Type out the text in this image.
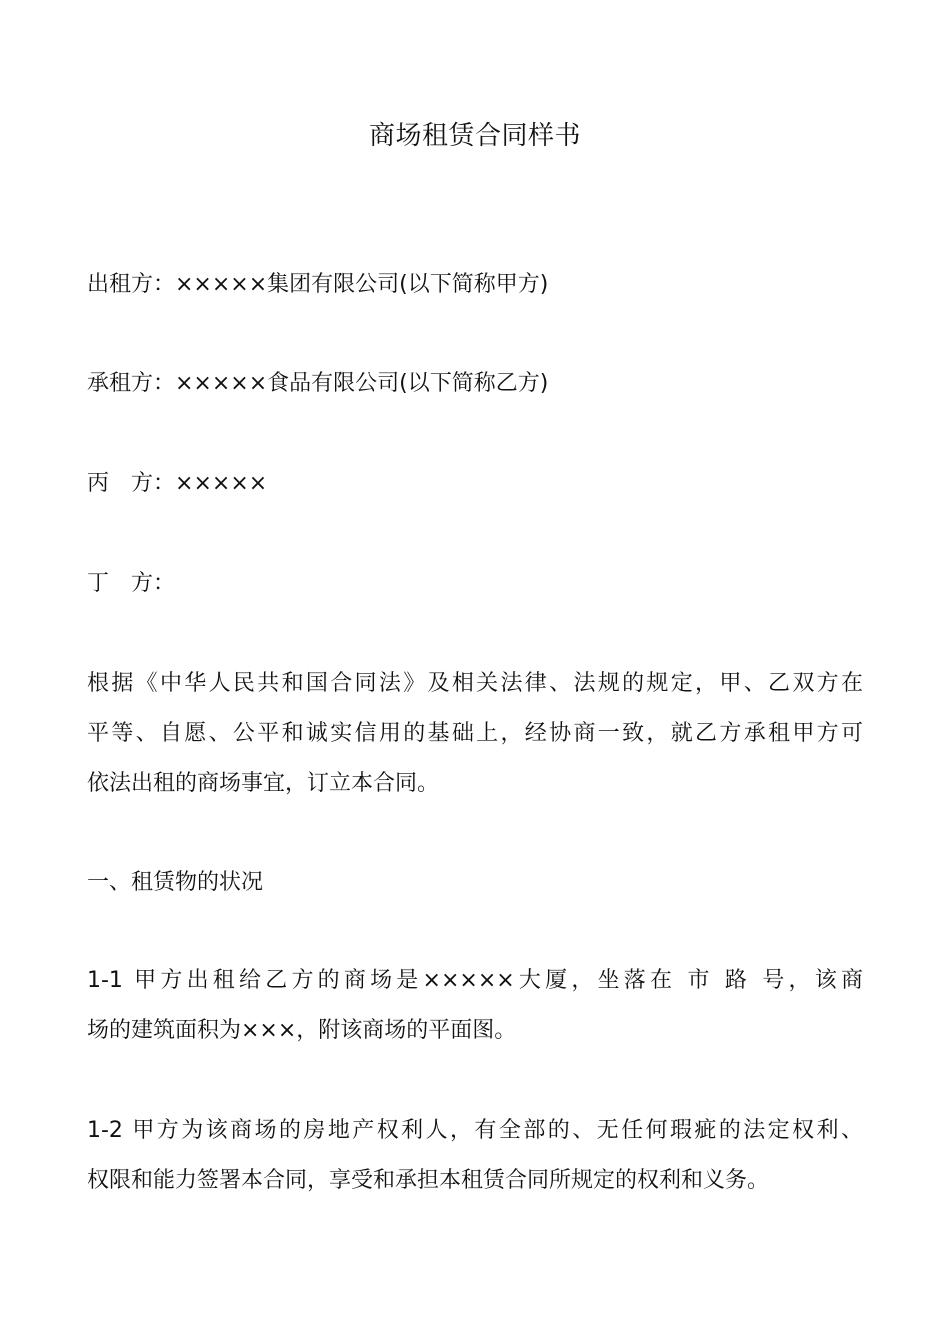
商场租赁合同样书
出租方：×××××集团有限公司(以下简称甲方)
承租方：×××××食品有限公司(以下简称乙方)
丙 方：×××××
丁 方：
根据《中华人民共和国合同法》及相关法律、法规的规定，甲、乙双方在
平等、自愿、公平和诚实信用的基础上，经协商一致，就乙方承租甲方可
依法出租的商场事宜，订立本合同。
一、租赁物的状况
1-1 甲方出租给乙方的商场是×××××大厦，坐落在 市 路 号，该商
场的建筑面积为×××，附该商场的平面图。
1-2 甲方为该商场的房地产权利人，有全部的、无任何瑕疵的法定权利、
权限和能力签署本合同，享受和承担本租赁合同所规定的权利和义务。
